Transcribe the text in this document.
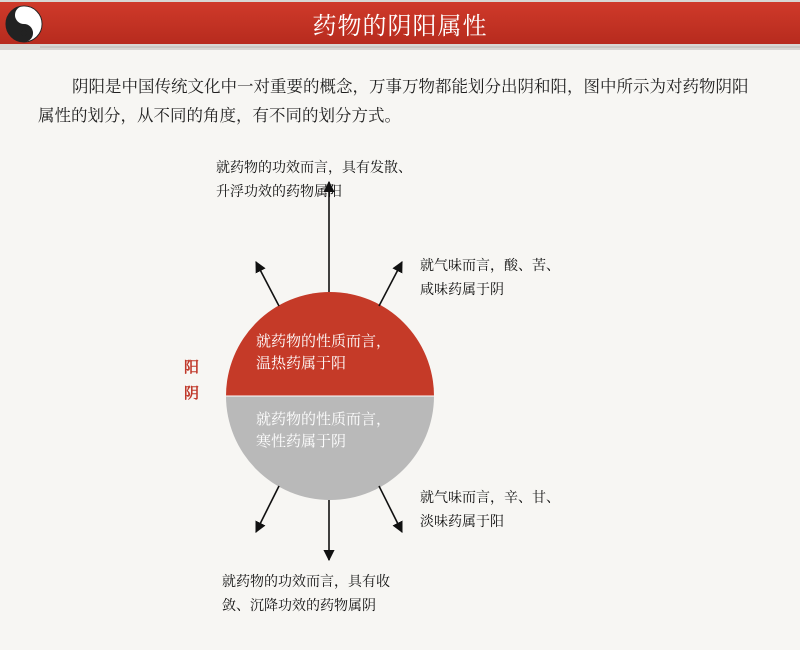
药物的阴阳属性
阴阳是中国传统文化中一对重要的概念，万事万物都能划分出阴和阳，图中所示为对药物阴阳属性的划分，从不同的角度，有不同的划分方式。
阳
阴
就药物的性质而言，
温热药属于阳
就药物的性质而言，
寒性药属于阴
就药物的功效而言，具有发散、
升浮功效的药物属阳
就气味而言，酸、苦、
咸味药属于阴
就气味而言，辛、甘、
淡味药属于阳
就药物的功效而言，具有收
敛、沉降功效的药物属阴
